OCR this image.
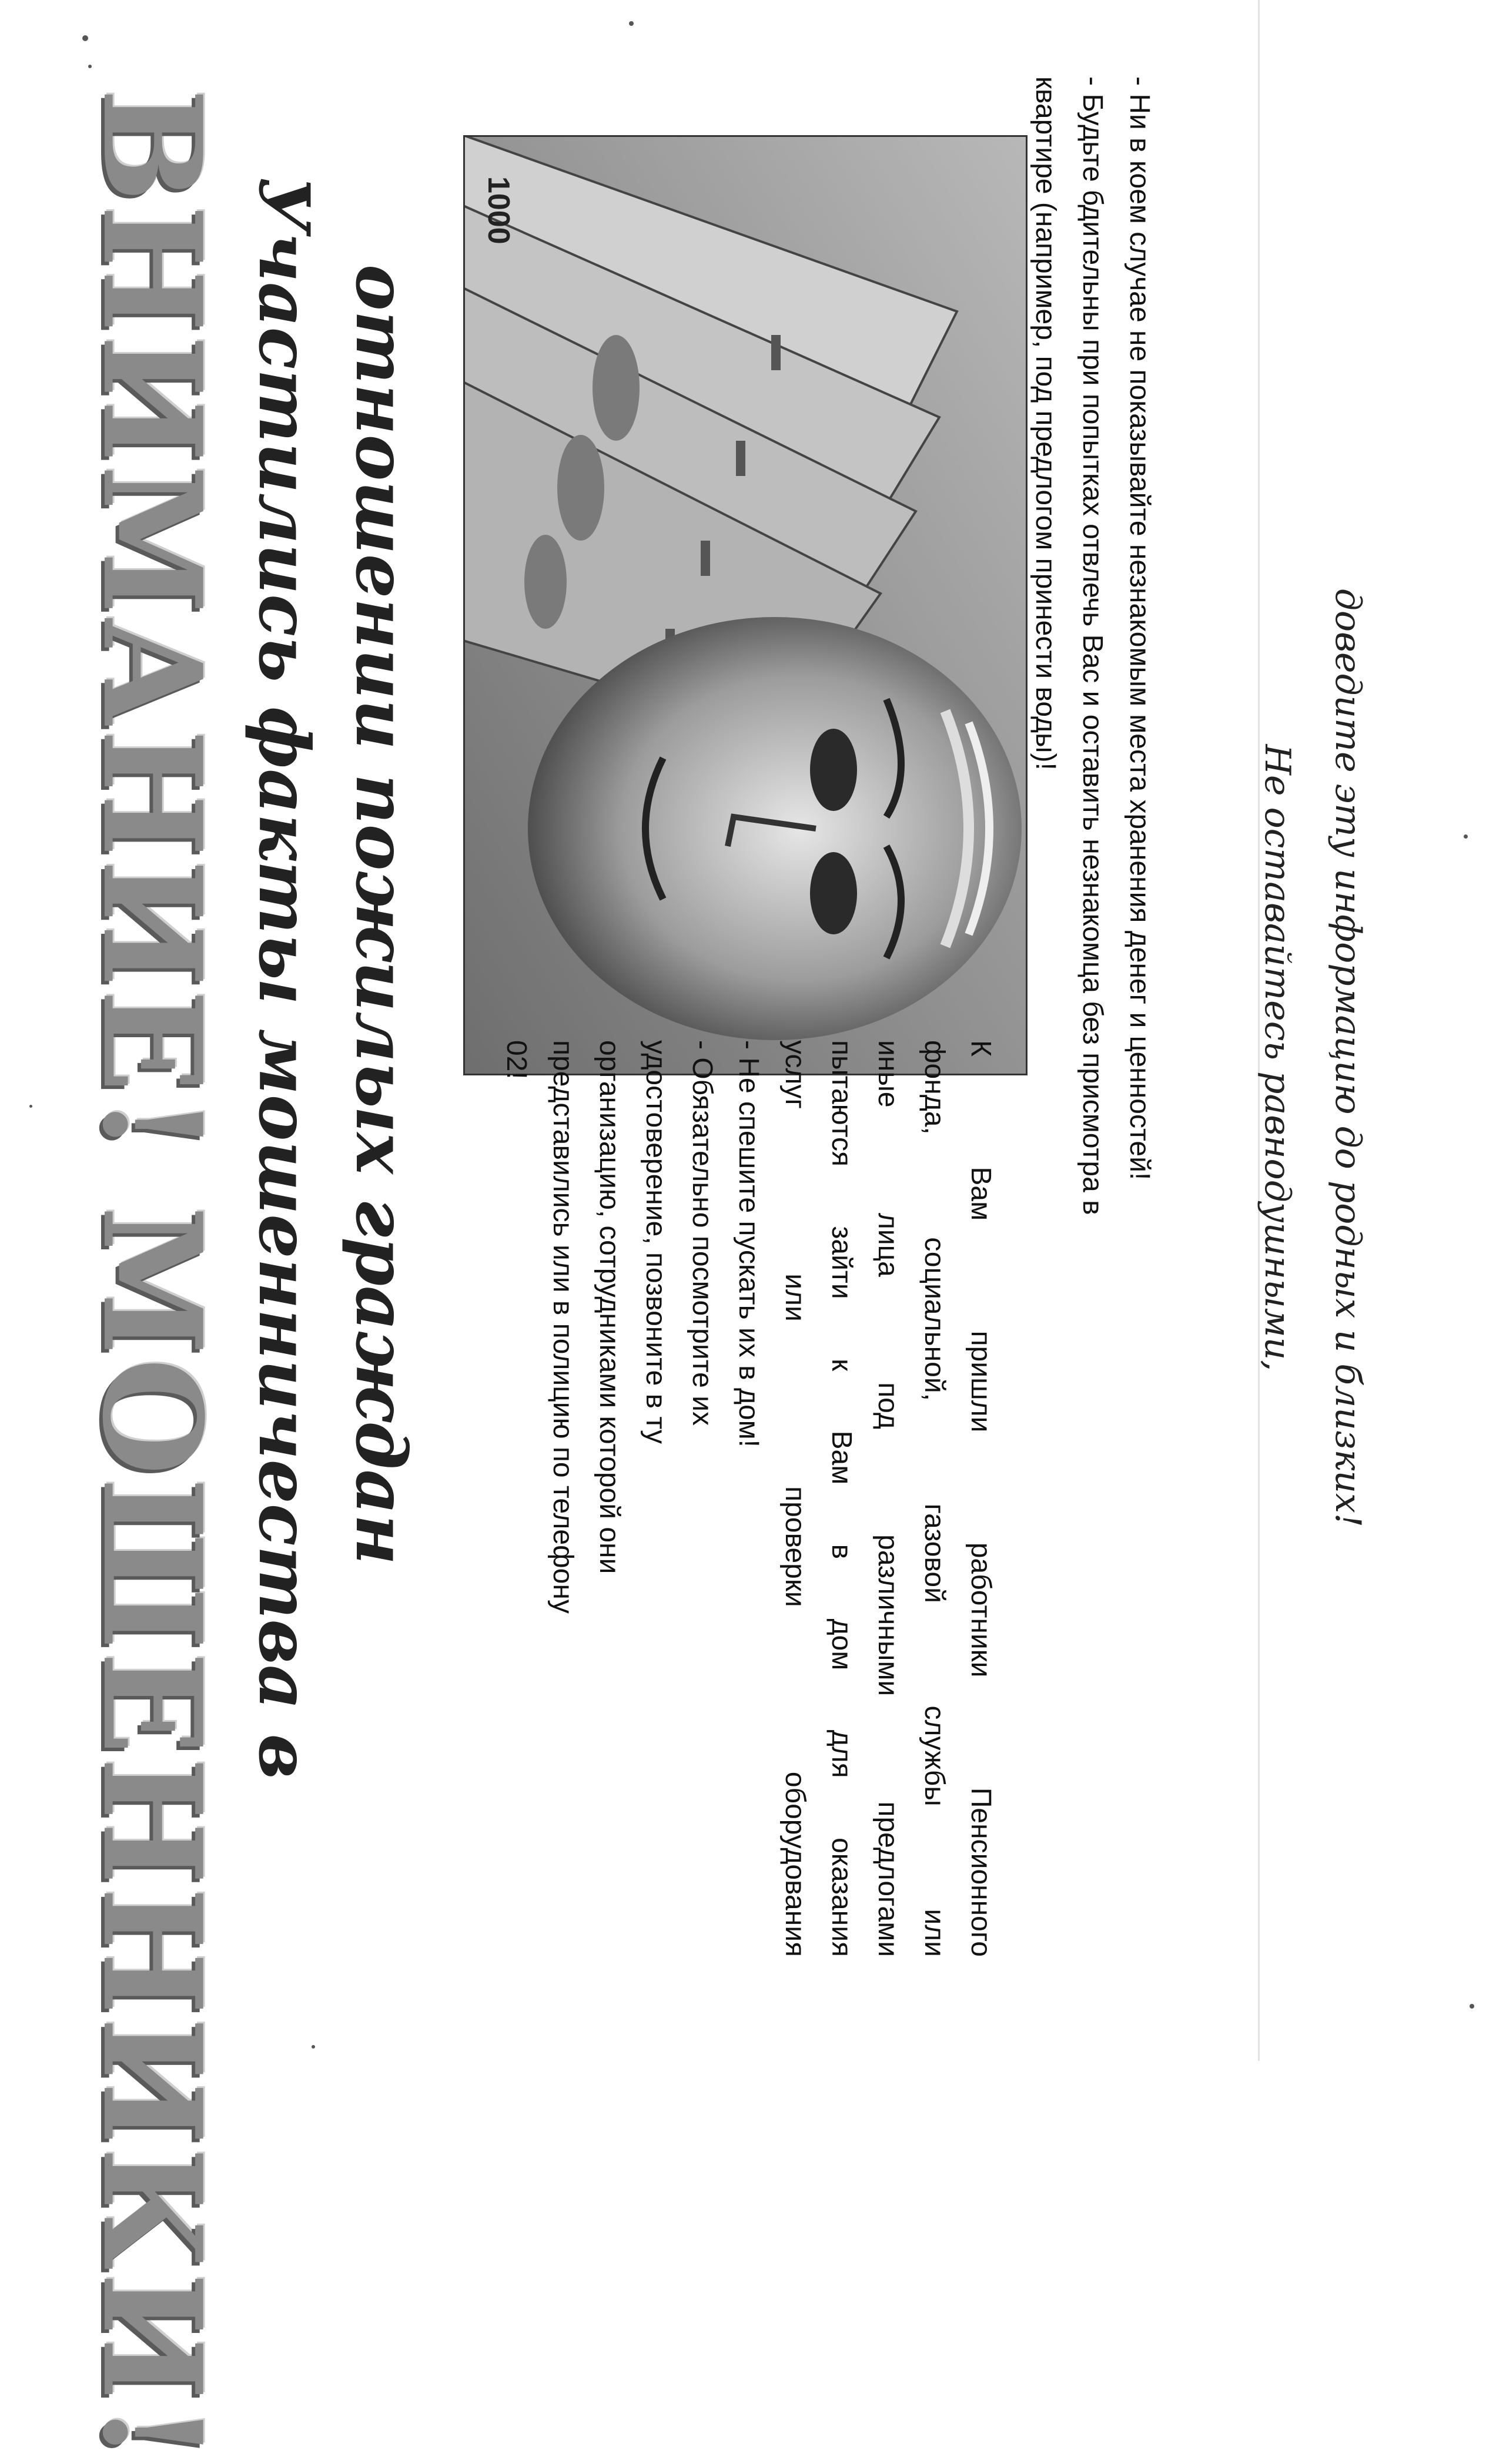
ВНИМАНИЕ! МОШЕННИКИ! Участились факты мошенничества в отношении пожилых граждан
1000

К Вам пришли работники Пенсионного
фонда, социальной, газовой службы или
иные лица под различными предлогами
пытаются зайти к Вам в дом для оказания
услуг или проверки оборудования

- Не спешите пускать их в дом!

- Обязательно посмотрите их
удостоверение, позвоните в ту
организацию, сотрудниками которой они
представились или в полицию по телефону
02!	- Ни в коем случае не показывайте незнакомым места хранения денег и ценностей!

- Будьте бдительны при попытках отвлечь Вас и оставить незнакомца без присмотра в

квартире (например, под предлогом принести воды)!

Не оставайтесь равнодушными, доведите эту информацию до родных и близких!
